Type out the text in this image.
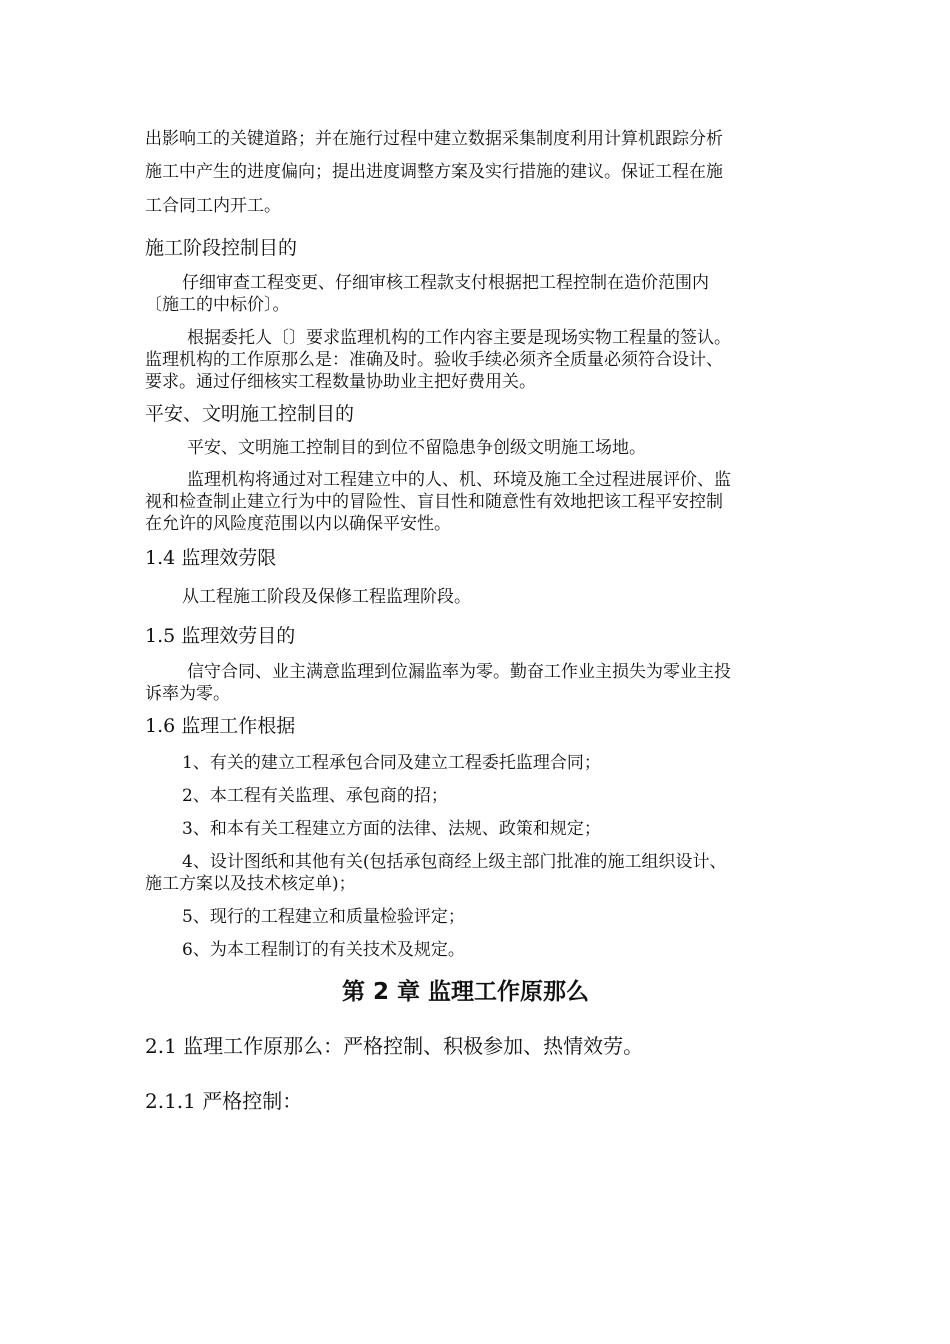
出影响工的关键道路；并在施行过程中建立数据采集制度利用计算机跟踪分析
施工中产生的进度偏向；提出进度调整方案及实行措施的建议。保证工程在施
工合同工内开工。
施工阶段控制目的
仔细审查工程变更、仔细审核工程款支付根据把工程控制在造价范围内
〔施工的中标价〕。
根据委托人〔〕要求监理机构的工作内容主要是现场实物工程量的签认。
监理机构的工作原那么是：准确及时。验收手续必须齐全质量必须符合设计、
要求。通过仔细核实工程数量协助业主把好费用关。
平安、文明施工控制目的
平安、文明施工控制目的到位不留隐患争创级文明施工场地。
监理机构将通过对工程建立中的人、机、环境及施工全过程进展评价、监
视和检查制止建立行为中的冒险性、盲目性和随意性有效地把该工程平安控制
在允许的风险度范围以内以确保平安性。
1.4 监理效劳限
从工程施工阶段及保修工程监理阶段。
1.5 监理效劳目的
信守合同、业主满意监理到位漏监率为零。勤奋工作业主损失为零业主投
诉率为零。
1.6 监理工作根据
1、有关的建立工程承包合同及建立工程委托监理合同；
2、本工程有关监理、承包商的招；
3、和本有关工程建立方面的法律、法规、政策和规定；
4、设计图纸和其他有关(包括承包商经上级主部门批准的施工组织设计、
施工方案以及技术核定单)；
5、现行的工程建立和质量检验评定；
6、为本工程制订的有关技术及规定。
第 2 章 监理工作原那么
2.1 监理工作原那么：严格控制、积极参加、热情效劳。
2.1.1 严格控制：
